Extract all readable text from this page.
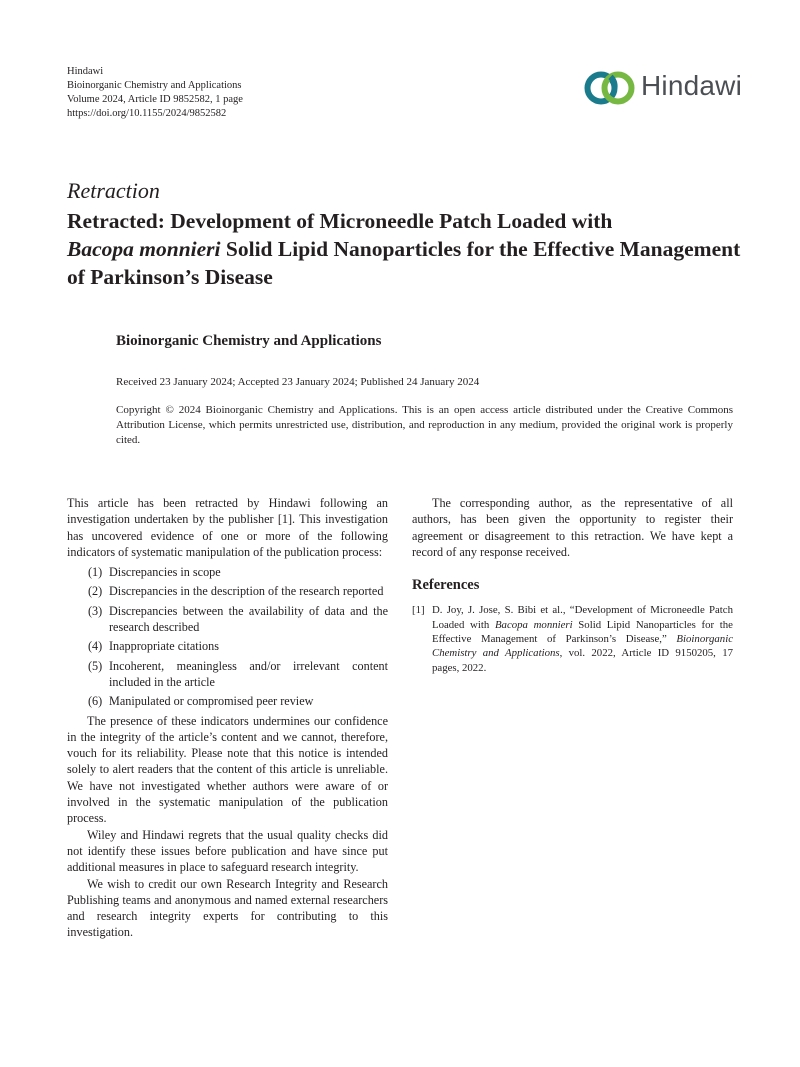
Hindawi
Bioinorganic Chemistry and Applications
Volume 2024, Article ID 9852582, 1 page
https://doi.org/10.1155/2024/9852582
Hindawi
Retraction
Retracted: Development of Microneedle Patch Loaded with
Bacopa monnieri Solid Lipid Nanoparticles for the Effective Management of Parkinson’s Disease
Bioinorganic Chemistry and Applications
Received 23 January 2024; Accepted 23 January 2024; Published 24 January 2024

Copyright © 2024 Bioinorganic Chemistry and Applications. This is an open access article distributed under the Creative Commons Attribution License, which permits unrestricted use, distribution, and reproduction in any medium, provided the original work is properly cited.

This article has been retracted by Hindawi following an investigation undertaken by the publisher [1]. This investigation has uncovered evidence of one or more of the following indicators of systematic manipulation of the publication process:

(1) Discrepancies in scope
(2) Discrepancies in the description of the research reported
(3) Discrepancies between the availability of data and the research described
(4) Inappropriate citations
(5) Incoherent, meaningless and/or irrelevant content included in the article
(6) Manipulated or compromised peer review

The presence of these indicators undermines our confidence in the integrity of the article’s content and we cannot, therefore, vouch for its reliability. Please note that this notice is intended solely to alert readers that the content of this article is unreliable. We have not investigated whether authors were aware of or involved in the systematic manipulation of the publication process.

Wiley and Hindawi regrets that the usual quality checks did not identify these issues before publication and have since put additional measures in place to safeguard research integrity.

We wish to credit our own Research Integrity and Research Publishing teams and anonymous and named external researchers and research integrity experts for contributing to this investigation.

The corresponding author, as the representative of all authors, has been given the opportunity to register their agreement or disagreement to this retraction. We have kept a record of any response received.

References
[1] D. Joy, J. Jose, S. Bibi et al., “Development of Microneedle Patch Loaded with Bacopa monnieri Solid Lipid Nanoparticles for the Effective Management of Parkinson’s Disease,” Bioinorganic Chemistry and Applications, vol. 2022, Article ID 9150205, 17 pages, 2022.
